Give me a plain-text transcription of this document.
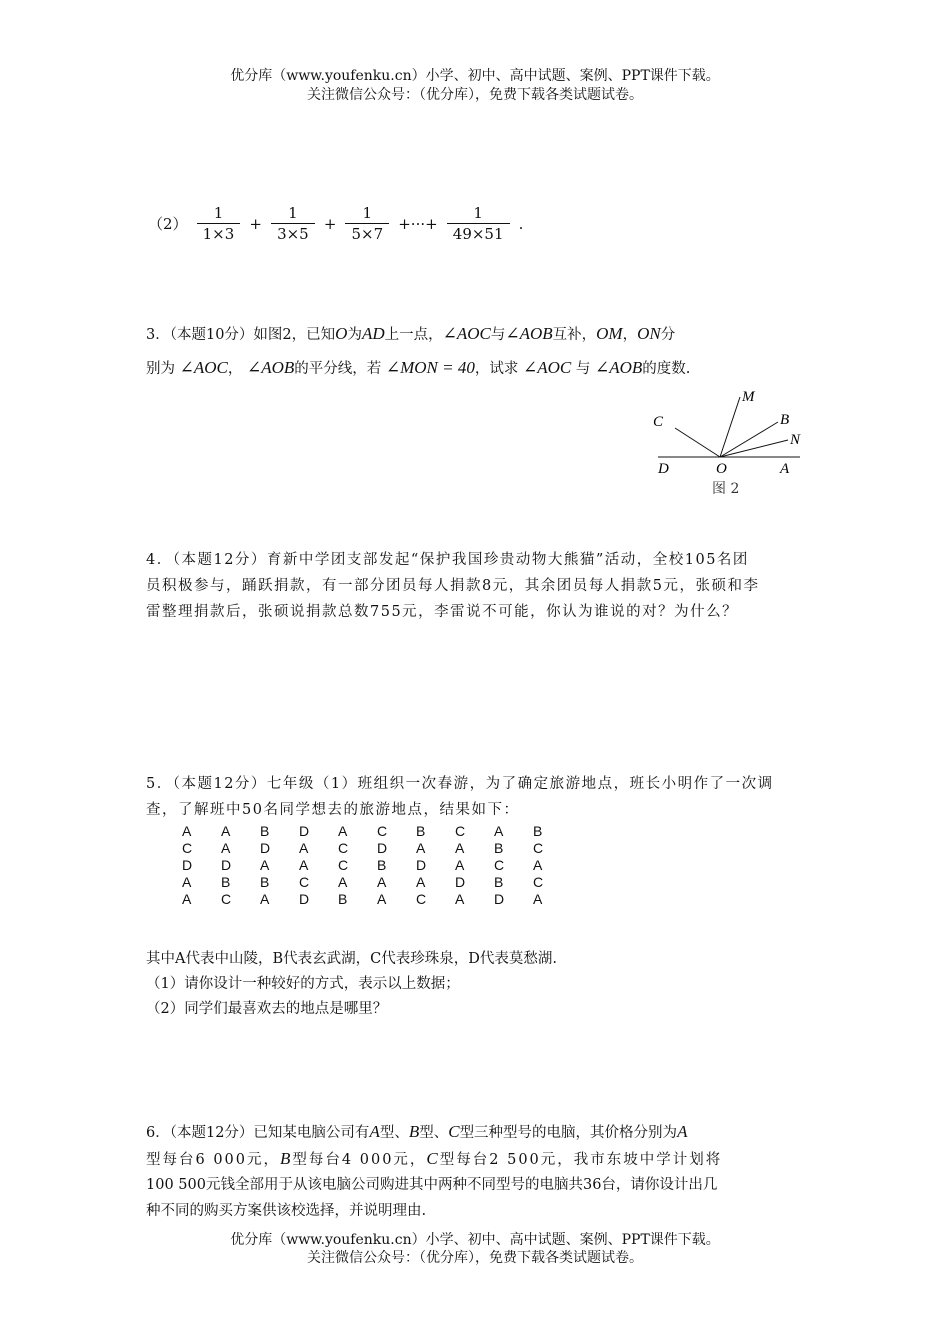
优分库（www.youfenku.cn）小学、初中、高中试题、案例、PPT课件下载。
关注微信公众号：（优分库），免费下载各类试题试卷。
$(2) \frac{1}{1\times 3} + \frac{1}{3\times 5} + \frac{1}{5\times 7}$ +···+ $\frac{1}{49\times 51}$ .
3．（本题10分）如图2，已知O为AD上一点，∠AOC与∠AOB互补，OM，ON分
别为 ∠AOC， ∠AOB的平分线，若 ∠MON = 40，试求 ∠AOC 与 ∠AOB的度数.
M
B
C
N
D	O	A
图 2
4．（本题12分）育新中学团支部发起“保护我国珍贵动物大熊猫”活动，全校105名团
员积极参与，踊跃捐款，有一部分团员每人捐款8元，其余团员每人捐款5元，张硕和李
雷整理捐款后，张硕说捐款总数755元，李雷说不可能，你认为谁说的对？为什么？
5．（本题12分）七年级（1）班组织一次春游，为了确定旅游地点，班长小明作了一次调
查，了解班中50名同学想去的旅游地点，结果如下：
A	A	B	D	A	C	B	C	A	B
C	A	D	A	C	D	A	A	B	C
D	D	A	A	C	B	D	A	C	A
A	B	B	C	A	A	A	D	B	C
A	C	A	D	B	A	C	A	D	A
其中A代表中山陵，B代表玄武湖，C代表珍珠泉，D代表莫愁湖.
（1）请你设计一种较好的方式，表示以上数据；
（2）同学们最喜欢去的地点是哪里？
6．（本题12分）已知某电脑公司有A型、B型、C型三种型号的电脑，其价格分别为A
型每台6 000元，B型每台4 000元，C型每台2 500元，我市东坡中学计划将
100 500元钱全部用于从该电脑公司购进其中两种不同型号的电脑共36台，请你设计出几
种不同的购买方案供该校选择，并说明理由.
优分库（www.youfenku.cn）小学、初中、高中试题、案例、PPT课件下载。
关注微信公众号：（优分库），免费下载各类试题试卷。
